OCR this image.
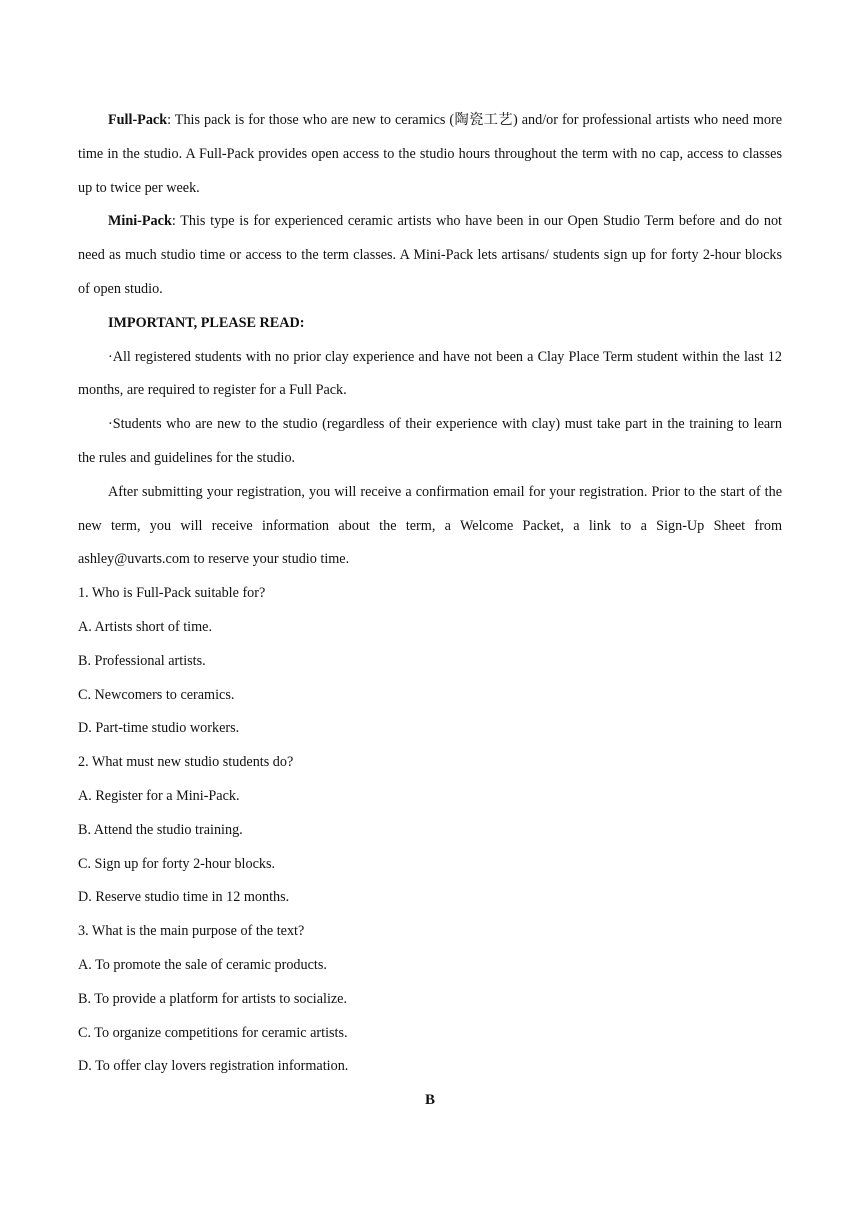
Full-Pack: This pack is for those who are new to ceramics (陶瓷工艺) and/or for professional artists who need more time in the studio. A Full-Pack provides open access to the studio hours throughout the term with no cap, access to classes up to twice per week.

Mini-Pack: This type is for experienced ceramic artists who have been in our Open Studio Term before and do not need as much studio time or access to the term classes. A Mini-Pack lets artisans/ students sign up for forty 2-hour blocks of open studio.

IMPORTANT, PLEASE READ:

·All registered students with no prior clay experience and have not been a Clay Place Term student within the last 12 months, are required to register for a Full Pack.

·Students who are new to the studio (regardless of their experience with clay) must take part in the training to learn the rules and guidelines for the studio.

After submitting your registration, you will receive a confirmation email for your registration. Prior to the start of the new term, you will receive information about the term, a Welcome Packet, a link to a Sign-Up Sheet from ashley@uvarts.com to reserve your studio time.

1. Who is Full-Pack suitable for?

A. Artists short of time.

B. Professional artists.

C. Newcomers to ceramics.

D. Part-time studio workers.

2. What must new studio students do?

A. Register for a Mini-Pack.

B. Attend the studio training.

C. Sign up for forty 2-hour blocks.

D. Reserve studio time in 12 months.

3. What is the main purpose of the text?

A. To promote the sale of ceramic products.

B. To provide a platform for artists to socialize.

C. To organize competitions for ceramic artists.

D. To offer clay lovers registration information.

B
